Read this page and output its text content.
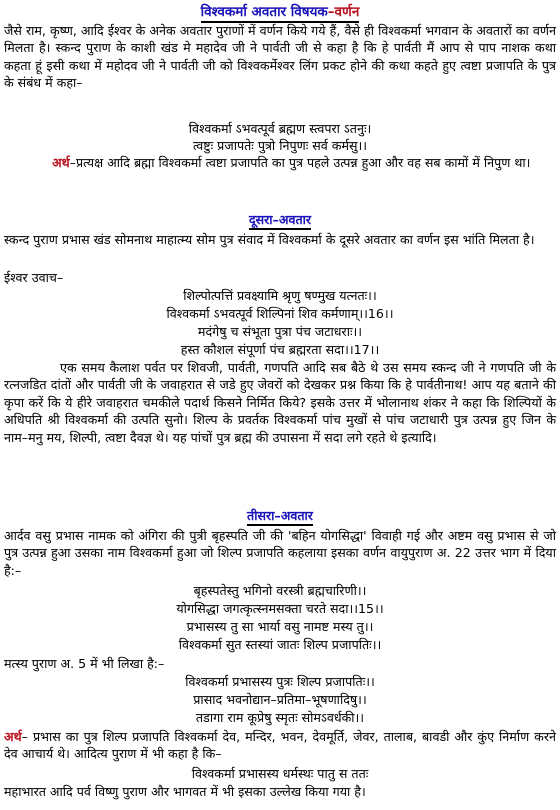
विश्वकर्मा अवतार विषयक–वर्णन
जैसे राम, कृष्ण, आदि ईश्वर के अनेक अवतार पुराणों में वर्णन किये गये हैं, वैसे ही विश्वकर्मा भगवान के अवतारों का वर्णन मिलता है। स्कन्द पुराण के काशी खंड मे महादेव जी ने पार्वती जी से कहा है कि हे पार्वती मैं आप से पाप नाशक कथा कहता हूं इसी कथा में महोदव जी ने पार्वती जी को विश्वकर्मेश्वर लिंग प्रकट होने की कथा कहते हुए त्वष्टा प्रजापति के पुत्र के संबंध में कहा–
विश्वकर्मा ऽभवत्पूर्व ब्रह्मण स्त्वपरा ऽतनुः।
त्वष्टुः प्रजापतेः पुत्रो निपुणः सर्व कर्मसु।।
अर्थ–प्रत्यक्ष आदि ब्रह्मा विश्वकर्मा त्वष्टा प्रजापति का पुत्र पहले उत्पन्न हुआ और वह सब कामों में निपुण था।
दूसरा–अवतार
स्कन्द पुराण प्रभास खंड सोमनाथ माहात्म्य सोम पुत्र संवाद में विश्वकर्मा के दूसरे अवतार का वर्णन इस भांति मिलता है।
ईश्वर उवाच–
शिल्पोत्पत्तिं प्रवक्ष्यामि श्रृणु षण्मुख यत्नतः।।
विश्वकर्मा ऽभवत्पूर्व शिल्पिनां शिव कर्मणाम्।।16।।
मदंगेषु च संभूता पुत्रा पंच जटाधराः।।
हस्त कौशल संपूर्णा पंच ब्रह्मरता सदा।।17।।
एक समय कैलाश पर्वत पर शिवजी, पार्वती, गणपति आदि सब बैठे थे उस समय स्कन्द जी ने गणपति जी के रत्नजडित दांतों और पार्वती जी के जवाहरात से जडे हुए जेवरों को देखकर प्रश्न किया कि हे पार्वतीनाथ! आप यह बताने की कृपा करें कि ये हीरे जवाहरात चमकीले पदार्थ किसने निर्मित किये? इसके उत्तर में भोलानाथ शंकर ने कहा कि शिल्पियों के अधिपति श्री विश्वकर्मा की उत्पति सुनो। शिल्प के प्रवर्तक विश्वकर्मा पांच मुखों से पांच जटाधारी पुत्र उत्पन्न हुए जिन के नाम–मनु मय, शिल्पी, त्वष्टा दैवज्ञ थे। यह पांचों पुत्र ब्रह्म की उपासना में सदा लगे रहते थे इत्यादि।
तीसरा–अवतार
आर्दव वसु प्रभास नामक को अंगिरा की पुत्री बृहस्पति जी की 'बहिन योगसिद्धा' विवाही गई और अष्टम वसु प्रभास से जो पुत्र उत्पन्न हुआ उसका नाम विश्वकर्मा हुआ जो शिल्प प्रजापति कहलाया इसका वर्णन वायुपुराण अ. 22 उत्तर भाग में दिया है:–
बृहस्पतेस्तु भगिनो वरस्त्री ब्रह्मचारिणी।।
योगसिद्धा जगत्कृत्स्नमसक्ता चरते सदा।।15।।
प्रभासस्य तु सा भार्या वसु नामष्ट मस्य तु।।
विश्वकर्मा सुत स्तस्यां जातः शिल्प प्रजापतिः।।
मत्स्य पुराण अ. 5 में भी लिखा है:–
विश्वकर्मा प्रभासस्य पुत्रः शिल्प प्रजापतिः।।
प्रासाद भवनोद्यान–प्रतिमा–भूषणादिषु।।
तडागा राम कूप्रेषु स्मृतः सोमऽवर्धकी।।
अर्थ– प्रभास का पुत्र शिल्प प्रजापति विश्वकर्मा देव, मन्दिर, भवन, देवमूर्ति, जेवर, तालाब, बावडी और कुंए निर्माण करने देव आचार्य थे। आदित्य पुराण में भी कहा है कि–
विश्वकर्मा प्रभासस्य धर्मस्थः पातु स ततः
महाभारत आदि पर्व विष्णु पुराण और भागवत में भी इसका उल्लेख किया गया है।
